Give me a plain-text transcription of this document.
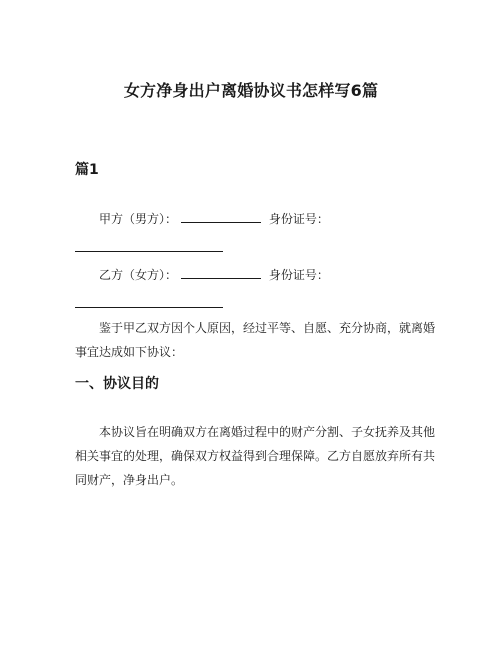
女方净身出户离婚协议书怎样写6篇
篇1
甲方（男方）：	身份证号：
乙方（女方）：	身份证号：
鉴于甲乙双方因个人原因，经过平等、自愿、充分协商，就离婚
事宜达成如下协议：
一、协议目的
本协议旨在明确双方在离婚过程中的财产分割、子女抚养及其他
相关事宜的处理，确保双方权益得到合理保障。乙方自愿放弃所有共
同财产，净身出户。
